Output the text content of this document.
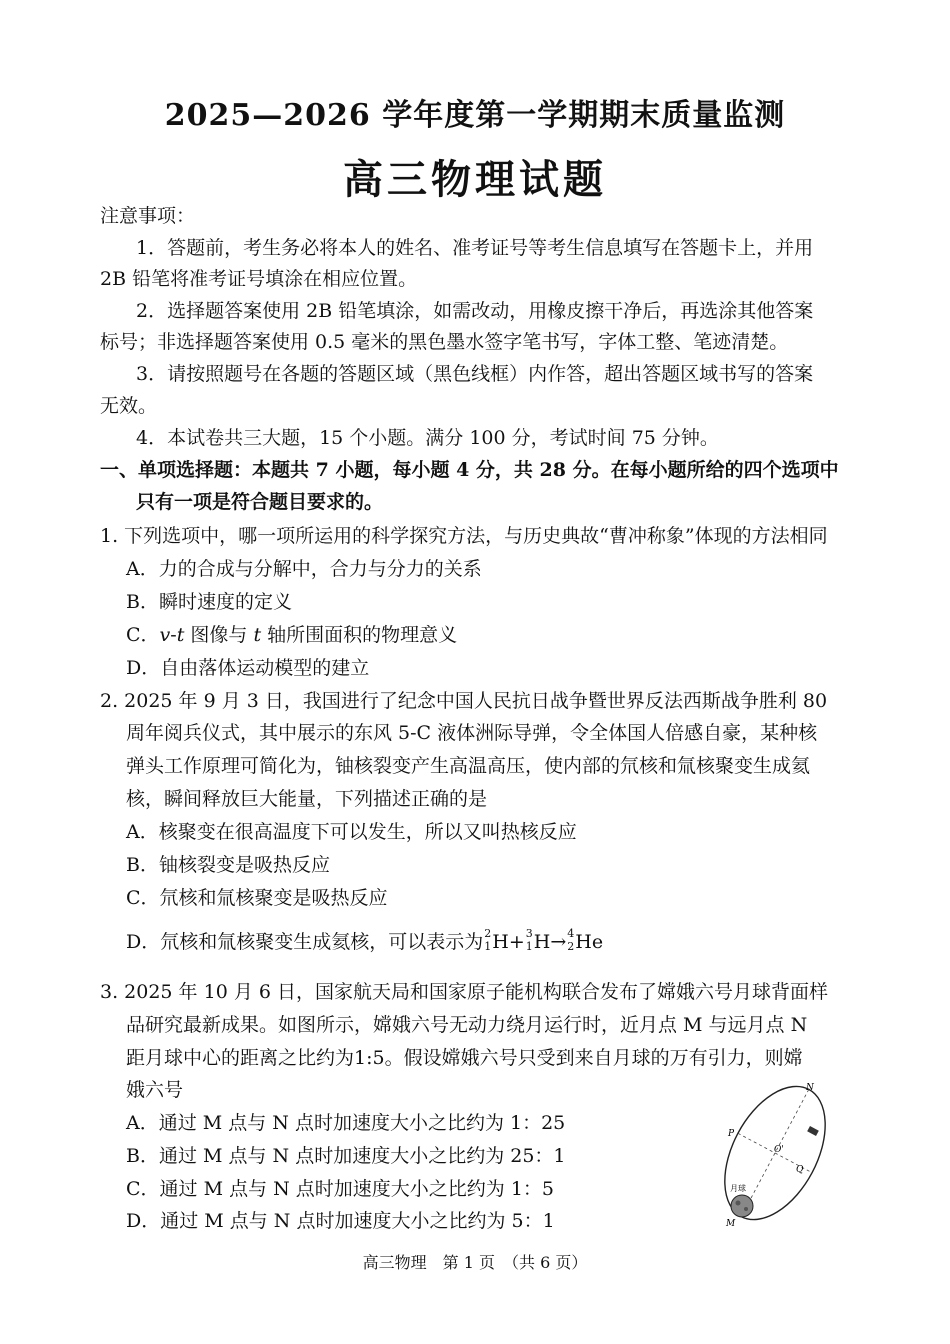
2025—2026 学年度第一学期期末质量监测
高三物理试题
注意事项：
1．答题前，考生务必将本人的姓名、准考证号等考生信息填写在答题卡上，并用
2B 铅笔将准考证号填涂在相应位置。
2．选择题答案使用 2B 铅笔填涂，如需改动，用橡皮擦干净后，再选涂其他答案
标号；非选择题答案使用 0.5 毫米的黑色墨水签字笔书写，字体工整、笔迹清楚。
3．请按照题号在各题的答题区域（黑色线框）内作答，超出答题区域书写的答案
无效。
4．本试卷共三大题，15 个小题。满分 100 分，考试时间 75 分钟。
一、单项选择题：本题共 7 小题，每小题 4 分，共 28 分。在每小题所给的四个选项中
只有一项是符合题目要求的。
1. 下列选项中，哪一项所运用的科学探究方法，与历史典故“曹冲称象”体现的方法相同
A．力的合成与分解中，合力与分力的关系
B．瞬时速度的定义
C．v-t 图像与 t 轴所围面积的物理意义
D．自由落体运动模型的建立
2. 2025 年 9 月 3 日，我国进行了纪念中国人民抗日战争暨世界反法西斯战争胜利 80
周年阅兵仪式，其中展示的东风 5-C 液体洲际导弹，令全体国人倍感自豪，某种核
弹头工作原理可简化为，铀核裂变产生高温高压，使内部的氘核和氚核聚变生成氦
核，瞬间释放巨大能量，下列描述正确的是
A．核聚变在很高温度下可以发生，所以又叫热核反应
B．铀核裂变是吸热反应
C．氘核和氚核聚变是吸热反应
D．氘核和氚核聚变生成氦核，可以表示为 2
1 H+ 3
1 H→ 4
2 He
3. 2025 年 10 月 6 日，国家航天局和国家原子能机构联合发布了嫦娥六号月球背面样
品研究最新成果。如图所示，嫦娥六号无动力绕月运行时，近月点 M 与远月点 N
距月球中心的距离之比约为1:5。假设嫦娥六号只受到来自月球的万有引力，则嫦
娥六号
A．通过 M 点与 N 点时加速度大小之比约为 1：25
B．通过 M 点与 N 点时加速度大小之比约为 25：1
C．通过 M 点与 N 点时加速度大小之比约为 1：5
D．通过 M 点与 N 点时加速度大小之比约为 5：1
N
P
O'
Q
M
月球
高三物理　第 1 页　（共 6 页）
